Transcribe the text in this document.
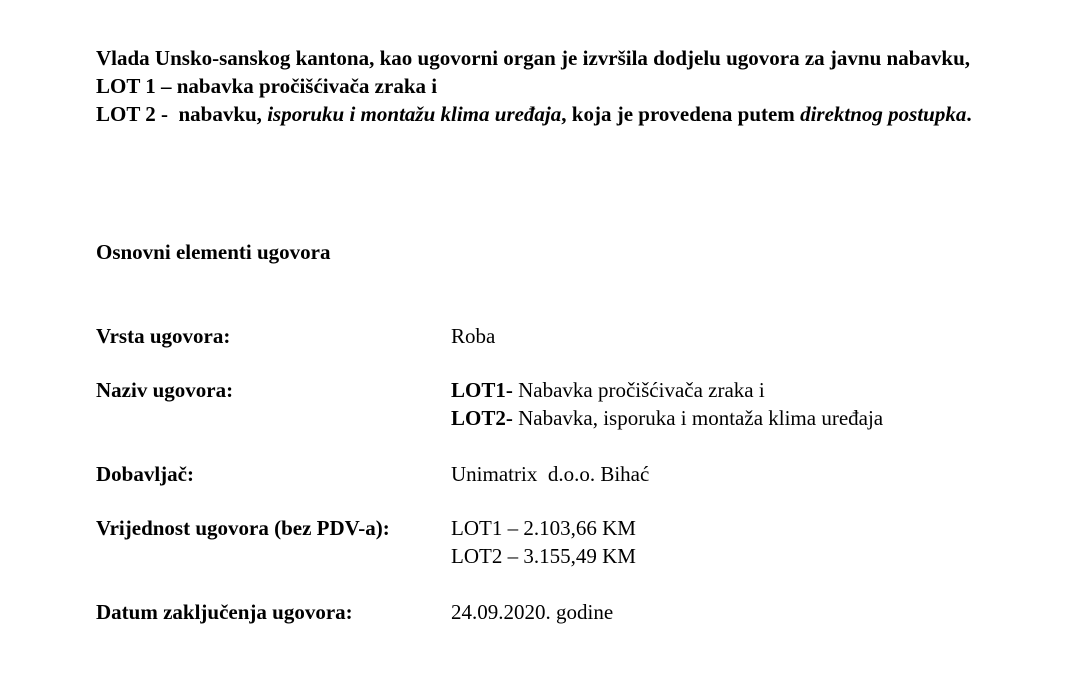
Vlada Unsko-sanskog kantona, kao ugovorni organ je izvršila dodjelu ugovora za javnu nabavku,

LOT 1 – nabavka pročišćivača zraka i

LOT 2 -  nabavku, isporuku i montažu klima uređaja, koja je provedena putem direktnog postupka.

Osnovni elementi ugovora

Vrsta ugovora:	Roba
Naziv ugovora:	LOT1- Nabavka pročišćivača zraka i
LOT2- Nabavka, isporuka i montaža klima uređaja
Dobavljač:	Unimatrix  d.o.o. Bihać
Vrijednost ugovora (bez PDV-a):	LOT1 – 2.103,66 KM
LOT2 – 3.155,49 KM
Datum zaključenja ugovora:	24.09.2020. godine
